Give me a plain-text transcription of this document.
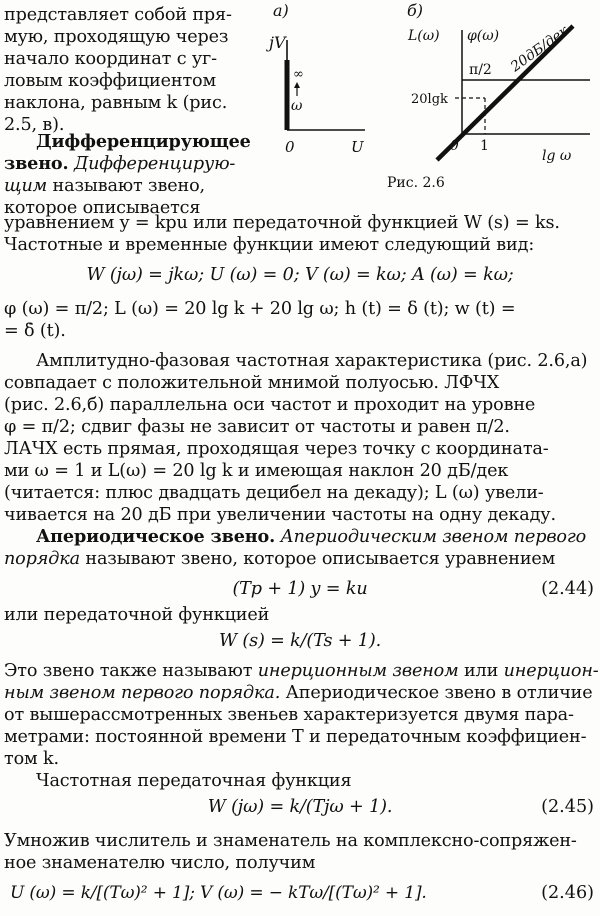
представляет собой пря-
мую, проходящую через
начало координат с уг-
ловым коэффициентом
наклона, равным k (рис.
2.5, в).
Дифференцирующее
звено. Дифференцирую-
щим называют звено,
которое описывается
а)
jV
∞
ω
0	U
б)
L(ω) φ(ω)
π/2
20lgk
20дБ/дек
0 1
lg ω
Рис. 2.6
уравнением y = kpu или передаточной функцией W (s) = ks.
Частотные и временные функции имеют следующий вид:
W (jω) = jkω; U (ω) = 0; V (ω) = kω; A (ω) = kω;
φ (ω) = π/2; L (ω) = 20 lg k + 20 lg ω; h (t) = δ (t); w (t) =
= δ̇ (t).
Амплитудно-фазовая частотная характеристика (рис. 2.6,а)
совпадает с положительной мнимой полуосью. ЛФЧХ
(рис. 2.6,б) параллельна оси частот и проходит на уровне
φ = π/2; сдвиг фазы не зависит от частоты и равен π/2.
ЛАЧХ есть прямая, проходящая через точку с координата-
ми ω = 1 и L(ω) = 20 lg k и имеющая наклон 20 дБ/дек
(читается: плюс двадцать децибел на декаду); L (ω) увели-
чивается на 20 дБ при увеличении частоты на одну декаду.
Апериодическое звено. Апериодическим звеном первого
порядка называют звено, которое описывается уравнением
(Tp + 1) y = ku	(2.44)
или передаточной функцией
W (s) = k/(Ts + 1).
Это звено также называют инерционным звеном или инерцион-
ным звеном первого порядка. Апериодическое звено в отличие
от вышерассмотренных звеньев характеризуется двумя пара-
метрами: постоянной времени T и передаточным коэффициен-
том k.
Частотная передаточная функция
W (jω) = k/(Tjω + 1).	(2.45)
Умножив числитель и знаменатель на комплексно-сопряжен-
ное знаменателю число, получим
U (ω) = k/[(Tω)² + 1]; V (ω) = − kTω/[(Tω)² + 1].	(2.46)
